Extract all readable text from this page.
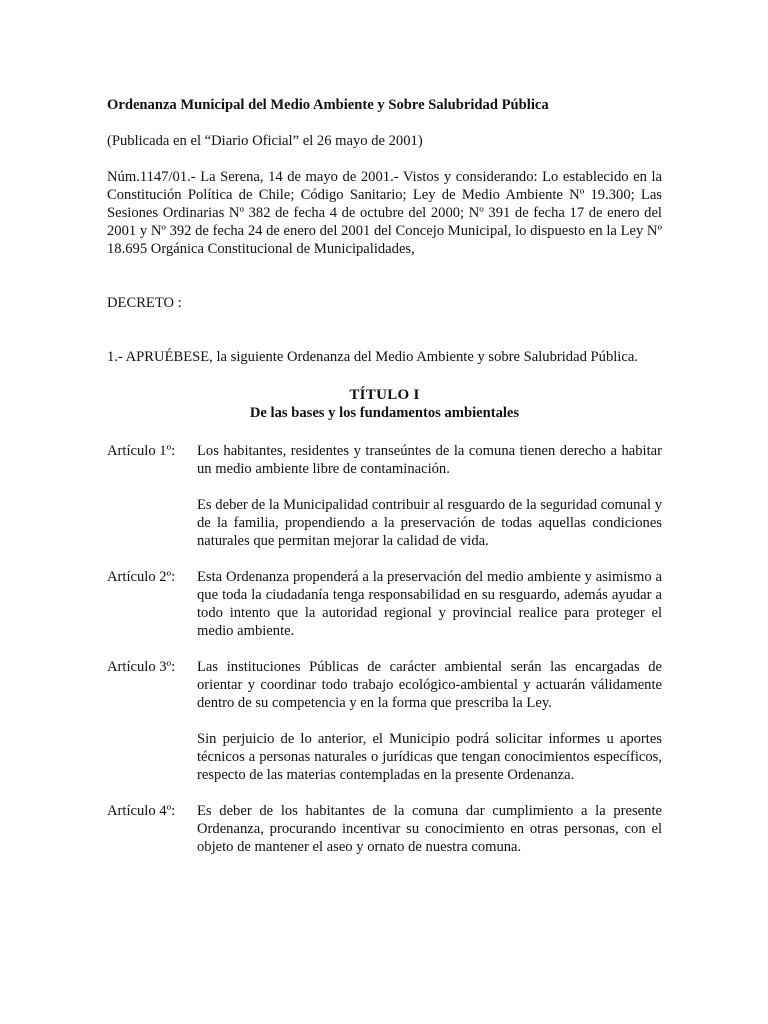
Ordenanza Municipal del Medio Ambiente y Sobre Salubridad Pública

(Publicada en el “Diario Oficial” el 26 mayo de 2001)

Núm.1147/01.- La Serena, 14 de mayo de 2001.- Vistos y considerando: Lo establecido en la Constitución Política de Chile; Código Sanitario; Ley de Medio Ambiente Nº 19.300; Las Sesiones Ordinarias Nº 382 de fecha 4 de octubre del 2000; Nº 391 de fecha 17 de enero del 2001 y Nº 392 de fecha 24 de enero del 2001 del Concejo Municipal, lo dispuesto en la Ley Nº 18.695 Orgánica Constitucional de Municipalidades,

DECRETO :

1.- APRUÉBESE, la siguiente Ordenanza del Medio Ambiente y sobre Salubridad Pública.

TÍTULO I

De las bases y los fundamentos ambientales

Artículo 1º:	Los habitantes, residentes y transeúntes de la comuna tienen derecho a habitar un medio ambiente libre de contaminación.

Es deber de la Municipalidad contribuir al resguardo de la seguridad comunal y de la familia, propendiendo a la preservación de todas aquellas condiciones naturales que permitan mejorar la calidad de vida.

Artículo 2º:	Esta Ordenanza propenderá a la preservación del medio ambiente y asimismo a que toda la ciudadanía tenga responsabilidad en su resguardo, además ayudar a todo intento que la autoridad regional y provincial realice para proteger el medio ambiente.

Artículo 3º:	Las instituciones Públicas de carácter ambiental serán las encargadas de orientar y coordinar todo trabajo ecológico-ambiental y actuarán válidamente dentro de su competencia y en la forma que prescriba la Ley.

Sin perjuicio de lo anterior, el Municipio podrá solicitar informes u aportes técnicos a personas naturales o jurídicas que tengan conocimientos específicos, respecto de las materias contempladas en la presente Ordenanza.

Artículo 4º:	Es deber de los habitantes de la comuna dar cumplimiento a la presente Ordenanza, procurando incentivar su conocimiento en otras personas, con el objeto de mantener el aseo y ornato de nuestra comuna.
